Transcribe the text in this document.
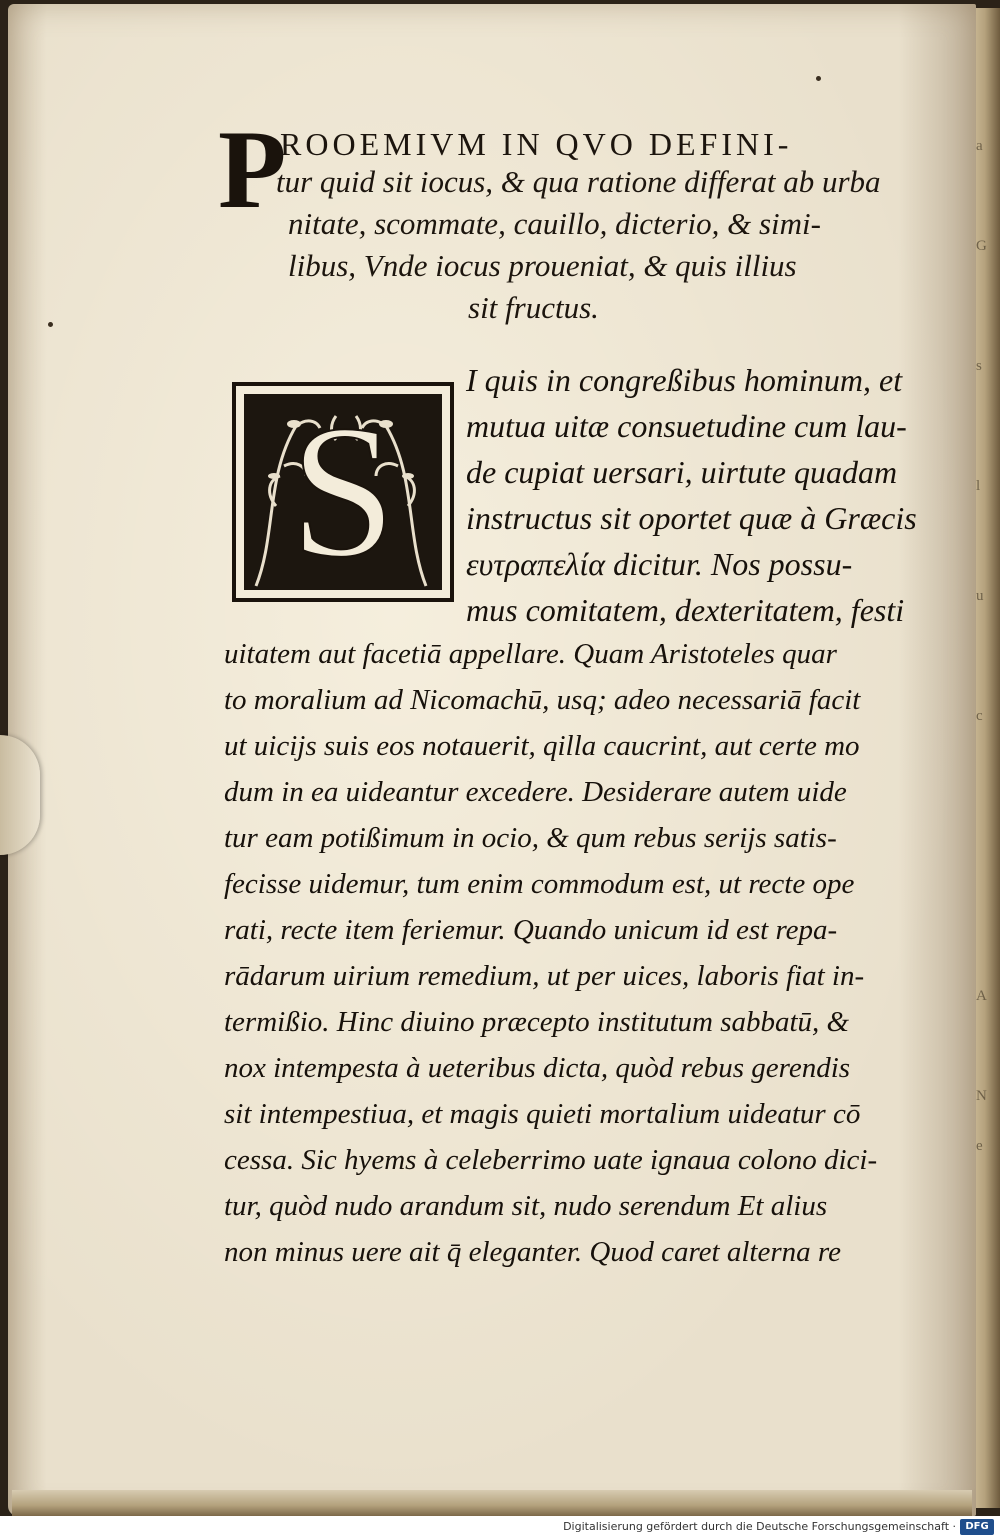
a
G
s
l
u
c
A
N
e
P
ROOEMIVM IN QVO DEFINI-
tur quid sit iocus, & qua ratione differat ab urba
nitate, scommate, cauillo, dicterio, & simi-
libus, Vnde iocus proueniat, & quis illius
sit fructus.
S
I quis in congreßibus hominum, et
mutua uitæ consuetudine cum lau-
de cupiat uersari, uirtute quadam
instructus sit oportet quæ à Græcis
ευτραπελία dicitur. Nos possu-
mus comitatem, dexteritatem, festi
uitatem aut facetiā appellare. Quam Aristoteles quar
to moralium ad Nicomachū, usq; adeo necessariā facit
ut uicijs suis eos notauerit, qilla caucrint, aut certe mo
dum in ea uideantur excedere. Desiderare autem uide
tur eam potißimum in ocio, & qum rebus serijs satis-
fecisse uidemur, tum enim commodum est, ut recte ope
rati, recte item feriemur. Quando unicum id est repa-
rādarum uirium remedium, ut per uices, laboris fiat in-
termißio. Hinc diuino præcepto institutum sabbatū, &
nox intempesta à ueteribus dicta, quòd rebus gerendis
sit intempestiua, et magis quieti mortalium uideatur cō
cessa. Sic hyems à celeberrimo uate ignaua colono dici-
tur, quòd nudo arandum sit, nudo serendum Et alius
non minus uere ait q̄ eleganter. Quod caret alterna re
Digitalisierung gefördert durch die Deutsche Forschungsgemeinschaft · DFG
